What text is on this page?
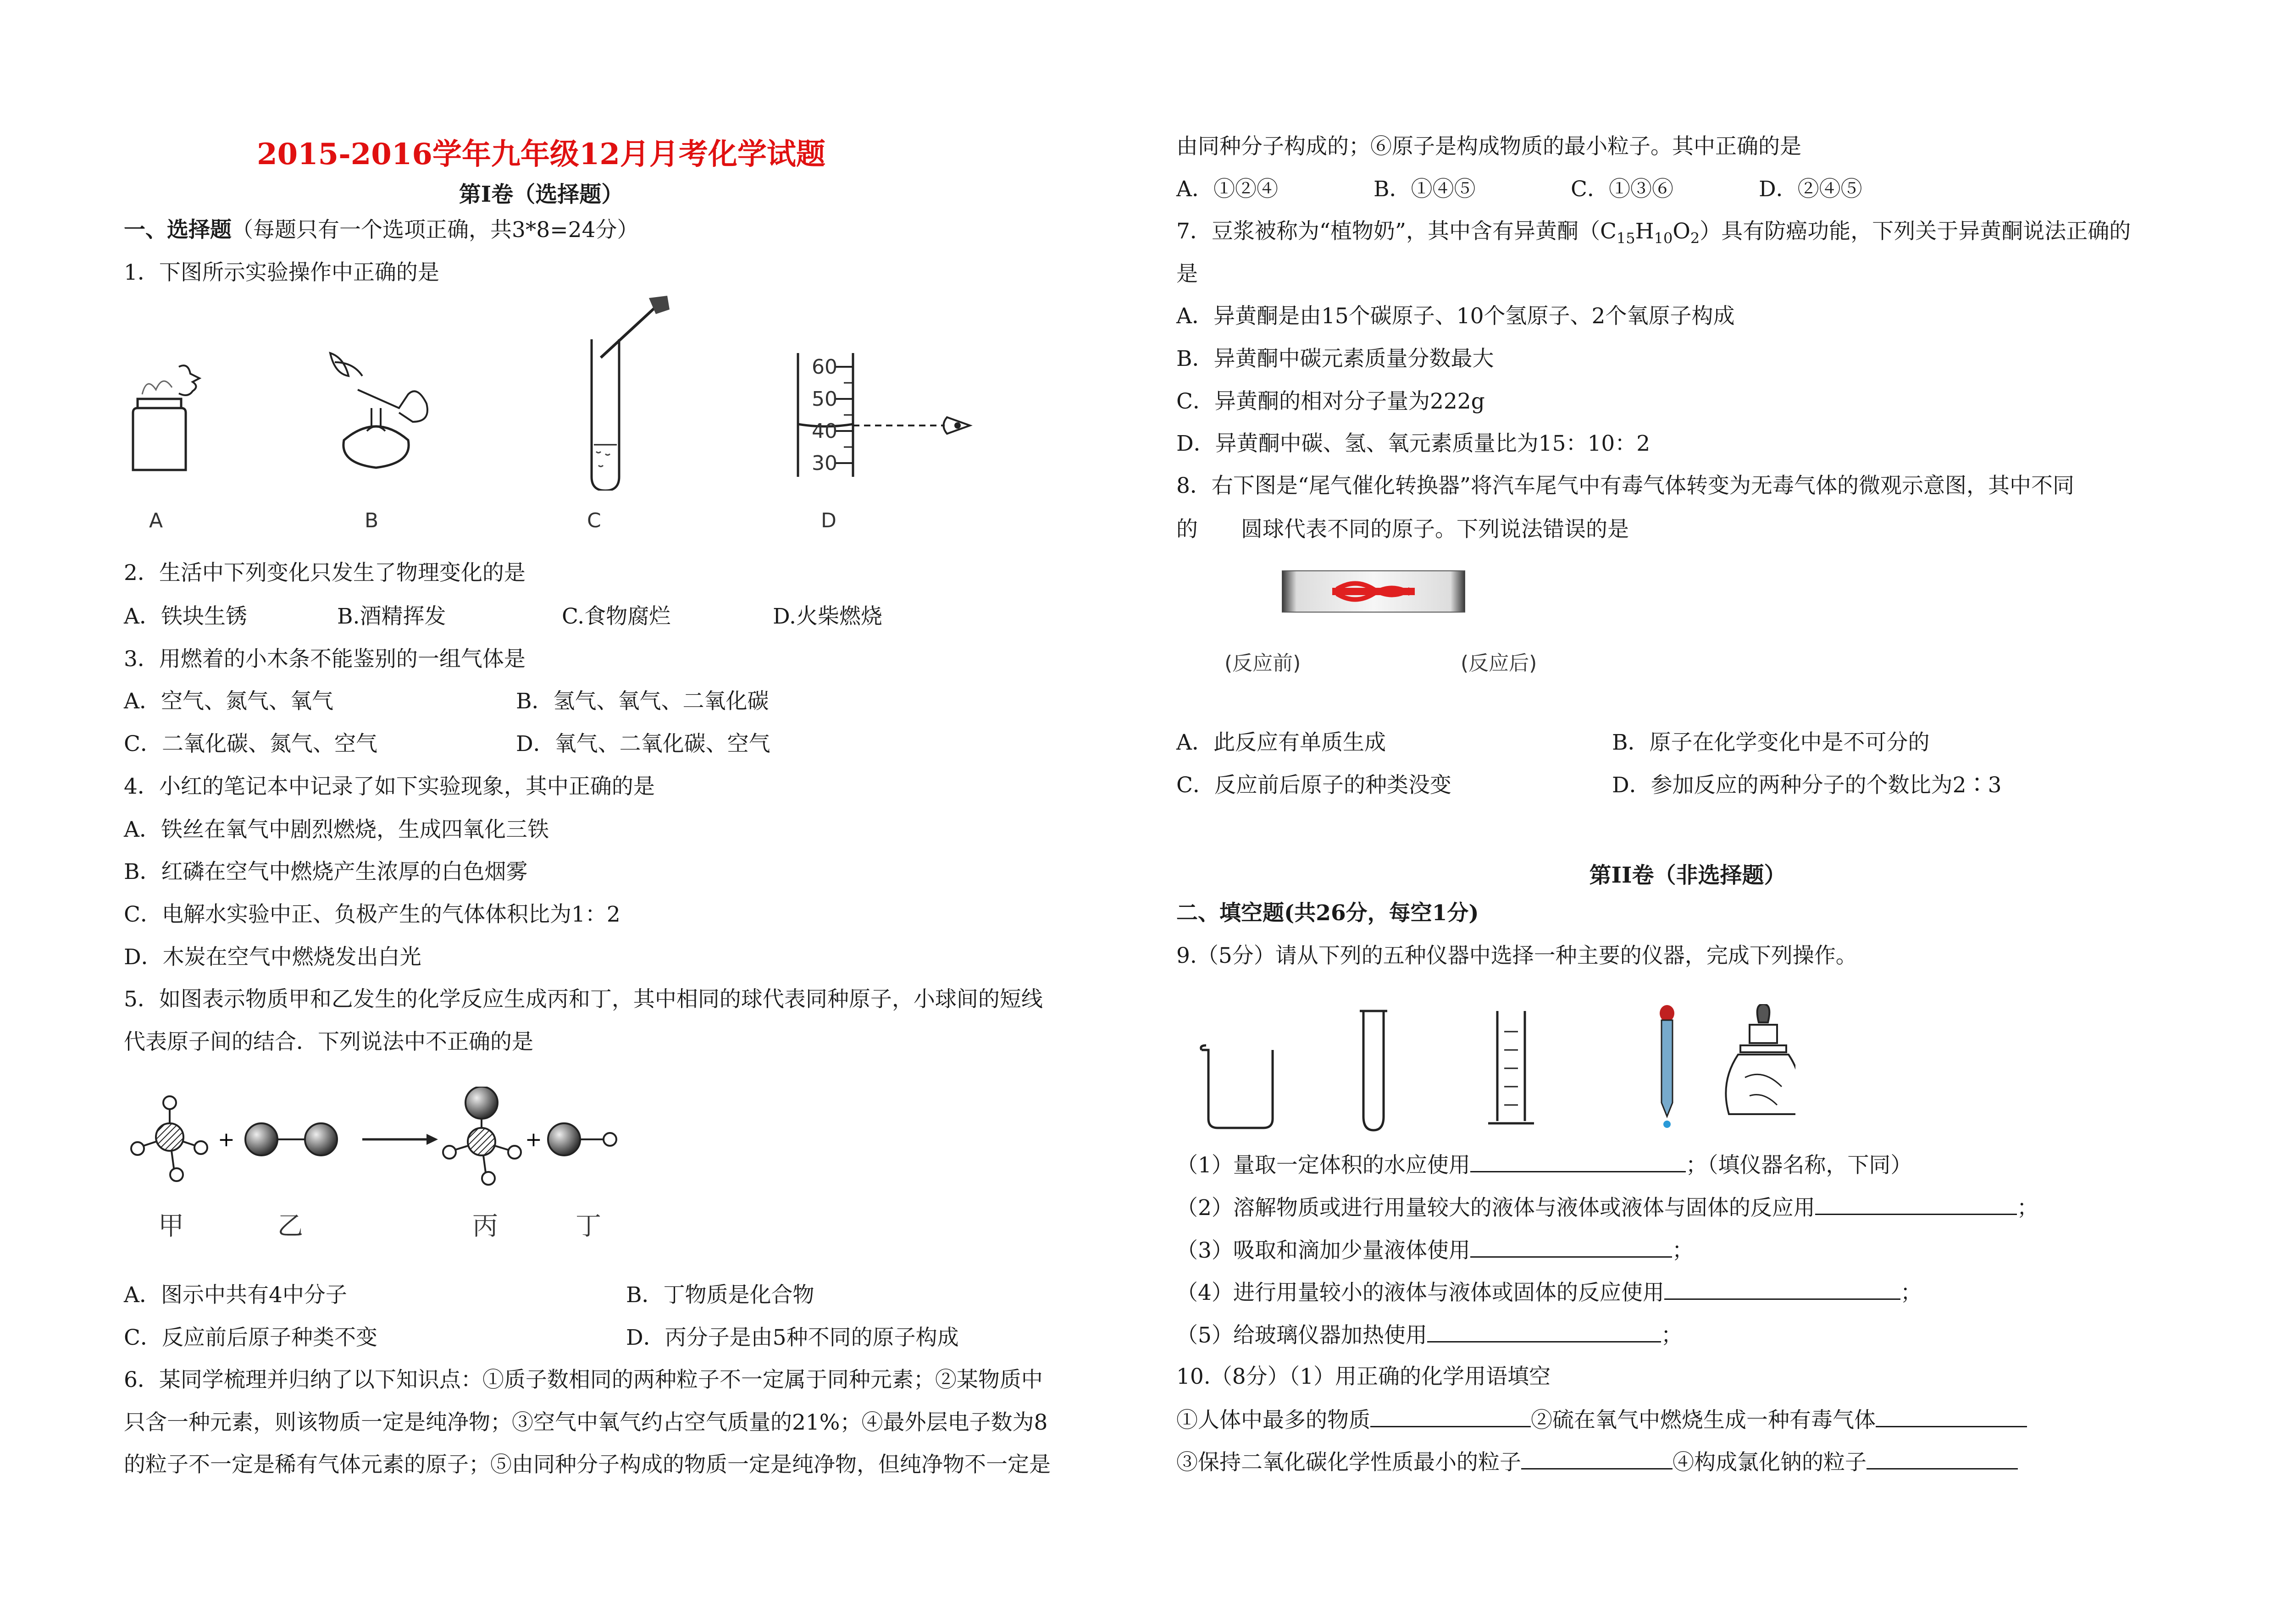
2015-2016学年九年级12月月考化学试题
第Ⅰ卷（选择题）
一、选择题（每题只有一个选项正确，共3*8=24分）
1．下图所示实验操作中正确的是
A	B	C
60
50
40
30
D
2．生活中下列变化只发生了物理变化的是
A．铁块生锈	B.酒精挥发	C.食物腐烂	D.火柴燃烧
3．用燃着的小木条不能鉴别的一组气体是
A．空气、氮气、氧气	B．氢气、氧气、二氧化碳
C．二氧化碳、氮气、空气	D．氧气、二氧化碳、空气
4．小红的笔记本中记录了如下实验现象，其中正确的是
A．铁丝在氧气中剧烈燃烧，生成四氧化三铁
B．红磷在空气中燃烧产生浓厚的白色烟雾
C．电解水实验中正、负极产生的气体体积比为1：2
D．木炭在空气中燃烧发出白光
5．如图表示物质甲和乙发生的化学反应生成丙和丁，其中相同的球代表同种原子，小球间的短线
代表原子间的结合．下列说法中不正确的是
+	+
甲	乙	丙	丁
A．图示中共有4中分子	B．丁物质是化合物
C．反应前后原子种类不变	D．丙分子是由5种不同的原子构成
6．某同学梳理并归纳了以下知识点：①质子数相同的两种粒子不一定属于同种元素；②某物质中
只含一种元素，则该物质一定是纯净物；③空气中氧气约占空气质量的21%；④最外层电子数为8
的粒子不一定是稀有气体元素的原子；⑤由同种分子构成的物质一定是纯净物，但纯净物不一定是
由同种分子构成的；⑥原子是构成物质的最小粒子。其中正确的是
A．①②④	B．①④⑤	C．①③⑥	D．②④⑤
7．豆浆被称为“植物奶”，其中含有异黄酮$(C_{15}H_{10}O_2)$具有防癌功能，下列关于异黄酮说法正确的
是
A．异黄酮是由15个碳原子、10个氢原子、2个氧原子构成
B．异黄酮中碳元素质量分数最大
C．异黄酮的相对分子量为222g
D．异黄酮中碳、氢、氧元素质量比为15：10：2
8．右下图是“尾气催化转换器”将汽车尾气中有毒气体转变为无毒气体的微观示意图，其中不同
的　　圆球代表不同的原子。下列说法错误的是
(反应前)	(反应后)
A．此反应有单质生成	B．原子在化学变化中是不可分的
C．反应前后原子的种类没变	D．参加反应的两种分子的个数比为2∶3
第II卷（非选择题）
二、填空题(共26分，每空1分)
9.（5分）请从下列的五种仪器中选择一种主要的仪器，完成下列操作。
（1）量取一定体积的水应使用	；（填仪器名称，下同）
（2）溶解物质或进行用量较大的液体与液体或液体与固体的反应用	；
（3）吸取和滴加少量液体使用	；
（4）进行用量较小的液体与液体或固体的反应使用	；
（5）给玻璃仪器加热使用	；
10.（8分）（1）用正确的化学用语填空
①人体中最多的物质	②硫在氧气中燃烧生成一种有毒气体
③保持二氧化碳化学性质最小的粒子	④构成氯化钠的粒子
